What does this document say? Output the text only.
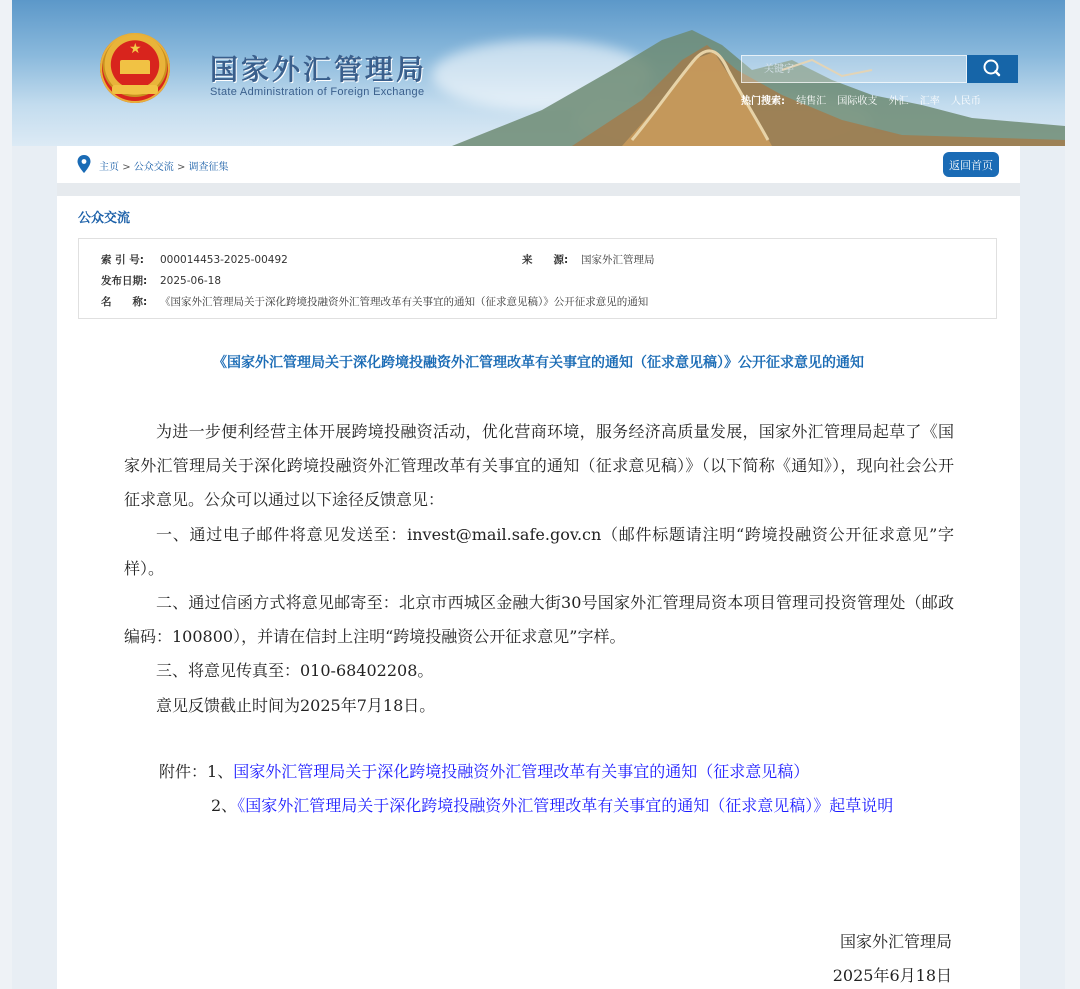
★
国家外汇管理局
State Administration of Foreign Exchange
关键字
热门搜索: 结售汇 国际收支 外汇 汇率 人民币
主页 > 公众交流 > 调查征集	返回首页
公众交流
索 引 号: 000014453-2025-00492	来　　源: 国家外汇管理局
发布日期: 2025-06-18
名　　称: 《国家外汇管理局关于深化跨境投融资外汇管理改革有关事宜的通知（征求意见稿）》公开征求意见的通知
《国家外汇管理局关于深化跨境投融资外汇管理改革有关事宜的通知（征求意见稿）》公开征求意见的通知

为进一步便利经营主体开展跨境投融资活动，优化营商环境，服务经济高质量发展，国家外汇管理局起草了《国家外汇管理局关于深化跨境投融资外汇管理改革有关事宜的通知（征求意见稿）》（以下简称《通知》），现向社会公开征求意见。公众可以通过以下途径反馈意见：

一、通过电子邮件将意见发送至：invest@mail.safe.gov.cn（邮件标题请注明“跨境投融资公开征求意见”字样）。

二、通过信函方式将意见邮寄至：北京市西城区金融大街30号国家外汇管理局资本项目管理司投资管理处（邮政编码：100800），并请在信封上注明“跨境投融资公开征求意见”字样。

三、将意见传真至：010-68402208。

意见反馈截止时间为2025年7月18日。

附件：1、国家外汇管理局关于深化跨境投融资外汇管理改革有关事宜的通知（征求意见稿）
2、《国家外汇管理局关于深化跨境投融资外汇管理改革有关事宜的通知（征求意见稿）》起草说明
国家外汇管理局
2025年6月18日
